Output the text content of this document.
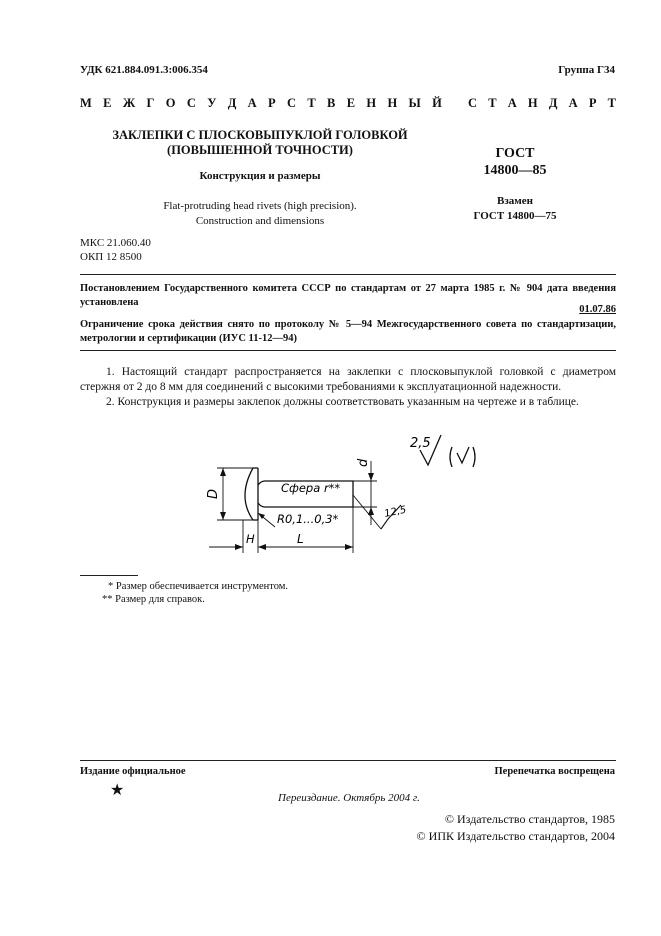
УДК 621.884.091.3:006.354	Группа Г34
М Е Ж Г О С У Д А Р С Т В Е Н Н Ы Й С Т А Н Д А Р Т
ЗАКЛЕПКИ С ПЛОСКОВЫПУКЛОЙ ГОЛОВКОЙ
(ПОВЫШЕННОЙ ТОЧНОСТИ)
Конструкция и размеры
Flat-protruding head rivets (high precision).
Construction and dimensions
ГОСТ
14800—85
Взамен
ГОСТ 14800—75
МКС 21.060.40
ОКП 12 8500
Постановлением Государственного комитета СССР по стандартам от 27 марта 1985 г. № 904 дата введения установлена
01.07.86
Ограничение срока действия снято по протоколу № 5—94 Межгосударственного совета по стандартизации, метрологии и сертификации (ИУС 11-12—94)
1. Настоящий стандарт распространяется на заклепки с плосковыпуклой головкой с диаметром стержня от 2 до 8 мм для соединений с высокими требованиями к эксплуатационной надежности.
2. Конструкция и размеры заклепок должны соответствовать указанным на чертеже и в таблице.
2,5
d
D	Сфера r**
R0,1...0,3*	12,5
H	L
* Размер обеспечивается инструментом.
** Размер для справок.
Издание официальное	Перепечатка воспрещена
★	Переиздание. Октябрь 2004 г.
© Издательство стандартов, 1985
© ИПК Издательство стандартов, 2004
